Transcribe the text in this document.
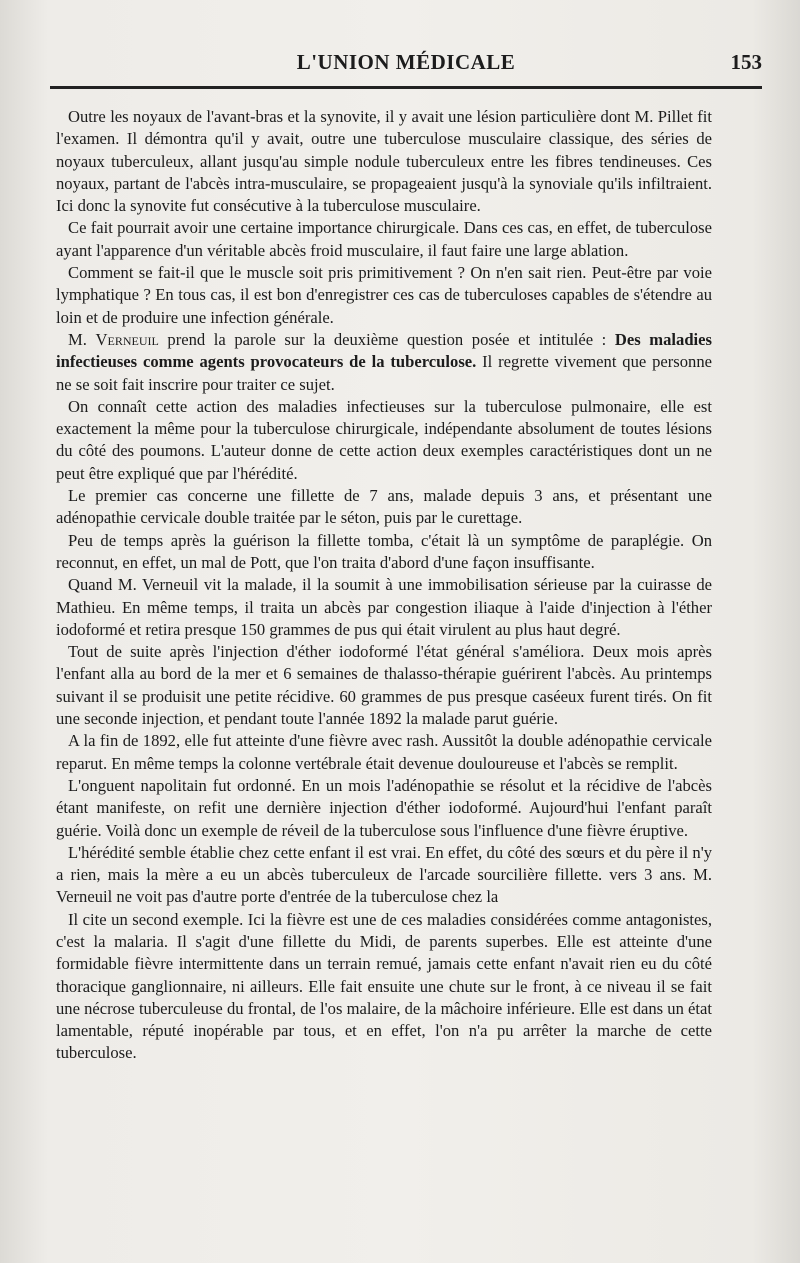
L'UNION MÉDICALE	153

Outre les noyaux de l'avant-bras et la synovite, il y avait une lésion particulière dont M. Pillet fit l'examen. Il démontra qu'il y avait, outre une tuberculose musculaire classique, des séries de noyaux tuberculeux, allant jusqu'au simple nodule tuberculeux entre les fibres tendineuses. Ces noyaux, partant de l'abcès intra-musculaire, se propageaient jusqu'à la synoviale qu'ils infiltraient. Ici donc la synovite fut consécutive à la tuberculose musculaire.

Ce fait pourrait avoir une certaine importance chirurgicale. Dans ces cas, en effet, de tuberculose ayant l'apparence d'un véritable abcès froid musculaire, il faut faire une large ablation.

Comment se fait-il que le muscle soit pris primitivement ? On n'en sait rien. Peut-être par voie lymphatique ? En tous cas, il est bon d'enregistrer ces cas de tuberculoses capables de s'étendre au loin et de produire une infection générale.

M. Verneuil prend la parole sur la deuxième question posée et intitulée : Des maladies infectieuses comme agents provocateurs de la tuberculose. Il regrette vivement que personne ne se soit fait inscrire pour traiter ce sujet.

On connaît cette action des maladies infectieuses sur la tuberculose pulmonaire, elle est exactement la même pour la tuberculose chirurgicale, indépendante absolument de toutes lésions du côté des poumons. L'auteur donne de cette action deux exemples caractéristiques dont un ne peut être expliqué que par l'hérédité.

Le premier cas concerne une fillette de 7 ans, malade depuis 3 ans, et présentant une adénopathie cervicale double traitée par le séton, puis par le curettage.

Peu de temps après la guérison la fillette tomba, c'était là un symptôme de paraplégie. On reconnut, en effet, un mal de Pott, que l'on traita d'abord d'une façon insuffisante.

Quand M. Verneuil vit la malade, il la soumit à une immobilisation sérieuse par la cuirasse de Mathieu. En même temps, il traita un abcès par congestion iliaque à l'aide d'injection à l'éther iodoformé et retira presque 150 grammes de pus qui était virulent au plus haut degré.

Tout de suite après l'injection d'éther iodoformé l'état général s'améliora. Deux mois après l'enfant alla au bord de la mer et 6 semaines de thalasso-thérapie guérirent l'abcès. Au printemps suivant il se produisit une petite récidive. 60 grammes de pus presque caséeux furent tirés. On fit une seconde injection, et pendant toute l'année 1892 la malade parut guérie.

A la fin de 1892, elle fut atteinte d'une fièvre avec rash. Aussitôt la double adénopathie cervicale reparut. En même temps la colonne vertébrale était devenue douloureuse et l'abcès se remplit.

L'onguent napolitain fut ordonné. En un mois l'adénopathie se résolut et la récidive de l'abcès étant manifeste, on refit une dernière injection d'éther iodoformé. Aujourd'hui l'enfant paraît guérie. Voilà donc un exemple de réveil de la tuberculose sous l'influence d'une fièvre éruptive.

L'hérédité semble établie chez cette enfant il est vrai. En effet, du côté des sœurs et du père il n'y a rien, mais la mère a eu un abcès tuberculeux de l'arcade sourcilière fillette. vers 3 ans. M. Verneuil ne voit pas d'autre porte d'entrée de la tuberculose chez la

Il cite un second exemple. Ici la fièvre est une de ces maladies considérées comme antagonistes, c'est la malaria. Il s'agit d'une fillette du Midi, de parents superbes. Elle est atteinte d'une formidable fièvre intermittente dans un terrain remué, jamais cette enfant n'avait rien eu du côté thoracique ganglionnaire, ni ailleurs. Elle fait ensuite une chute sur le front, à ce niveau il se fait une nécrose tuberculeuse du frontal, de l'os malaire, de la mâchoire inférieure. Elle est dans un état lamentable, réputé inopérable par tous, et en effet, l'on n'a pu arrêter la marche de cette tuberculose.
